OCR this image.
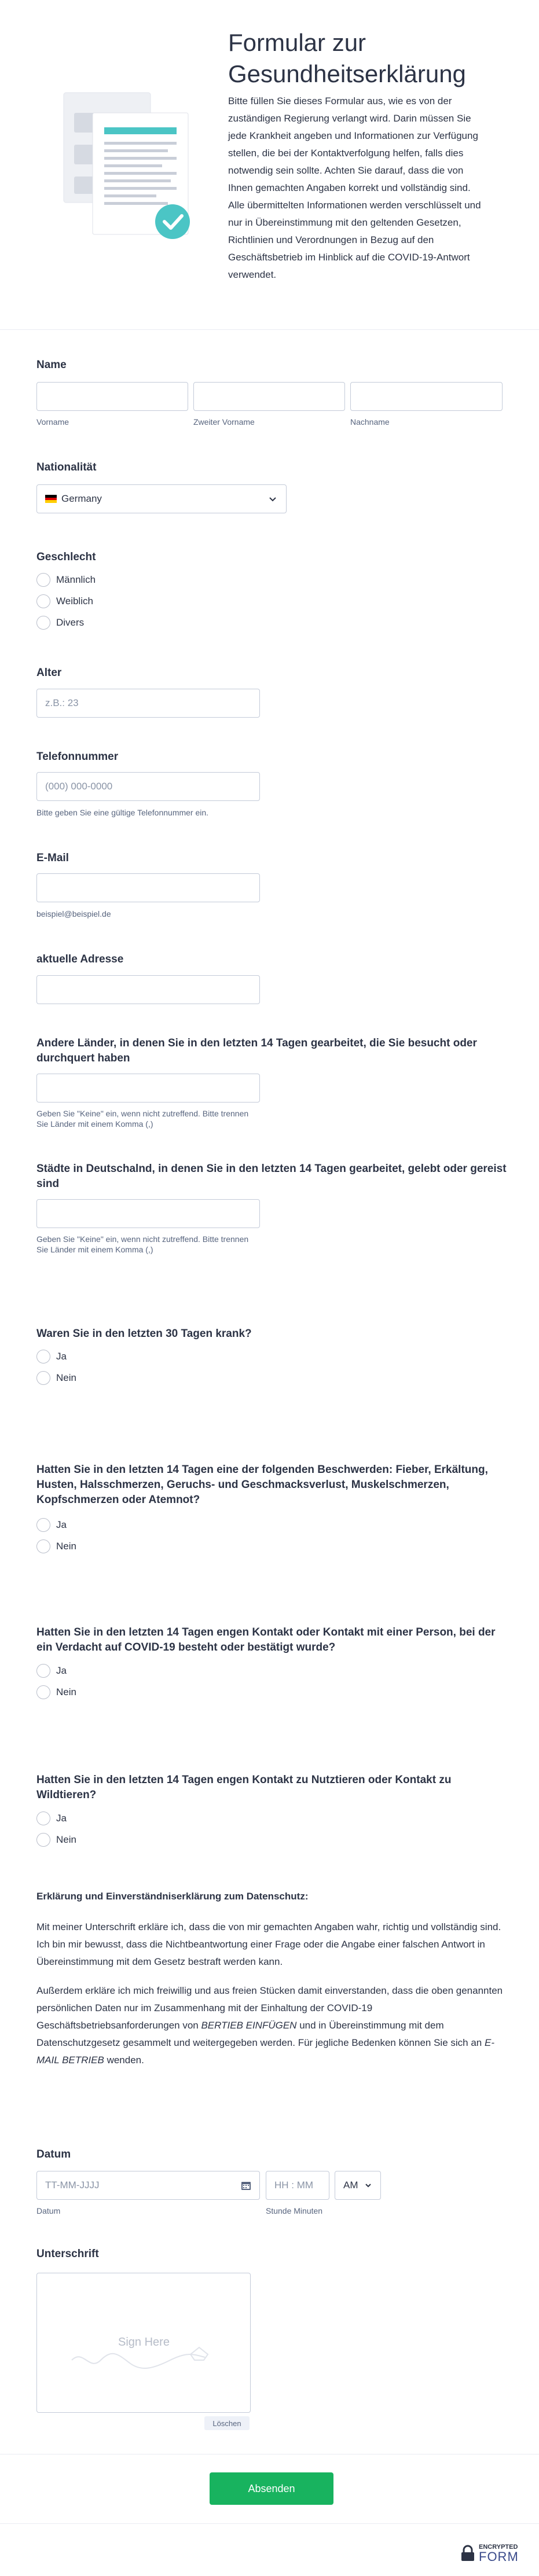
Formular zur Gesundheitserklärung
Bitte füllen Sie dieses Formular aus, wie es von der zuständigen Regierung verlangt wird. Darin müssen Sie jede Krankheit angeben und Informationen zur Verfügung stellen, die bei der Kontaktverfolgung helfen, falls dies notwendig sein sollte. Achten Sie darauf, dass die von Ihnen gemachten Angaben korrekt und vollständig sind. Alle übermittelten Informationen werden verschlüsselt und nur in Übereinstimmung mit den geltenden Gesetzen, Richtlinien und Verordnungen in Bezug auf den Geschäftsbetrieb im Hinblick auf die COVID-19-Antwort verwendet.
Name
Vorname	Zweiter Vorname	Nachname
Nationalität
Germany
Geschlecht
Männlich
Weiblich
Divers
Alter
z.B.: 23
Telefonnummer
(000) 000-0000
Bitte geben Sie eine gültige Telefonnummer ein.
E-Mail
beispiel@beispiel.de
aktuelle Adresse
Andere Länder, in denen Sie in den letzten 14 Tagen gearbeitet, die Sie besucht oder durchquert haben
Geben Sie "Keine" ein, wenn nicht zutreffend. Bitte trennen Sie Länder mit einem Komma (,)
Städte in Deutschalnd, in denen Sie in den letzten 14 Tagen gearbeitet, gelebt oder gereist sind
Geben Sie "Keine" ein, wenn nicht zutreffend. Bitte trennen Sie Länder mit einem Komma (,)
Waren Sie in den letzten 30 Tagen krank?
Ja
Nein
Hatten Sie in den letzten 14 Tagen eine der folgenden Beschwerden: Fieber, Erkältung, Husten, Halsschmerzen, Geruchs- und Geschmacksverlust, Muskelschmerzen, Kopfschmerzen oder Atemnot?
Ja
Nein
Hatten Sie in den letzten 14 Tagen engen Kontakt oder Kontakt mit einer Person, bei der ein Verdacht auf COVID-19 besteht oder bestätigt wurde?
Ja
Nein
Hatten Sie in den letzten 14 Tagen engen Kontakt zu Nutztieren oder Kontakt zu Wildtieren?
Ja
Nein
Erklärung und Einverständniserklärung zum Datenschutz:

Mit meiner Unterschrift erkläre ich, dass die von mir gemachten Angaben wahr, richtig und vollständig sind. Ich bin mir bewusst, dass die Nichtbeantwortung einer Frage oder die Angabe einer falschen Antwort in Übereinstimmung mit dem Gesetz bestraft werden kann.

Außerdem erkläre ich mich freiwillig und aus freien Stücken damit einverstanden, dass die oben genannten persönlichen Daten nur im Zusammenhang mit der Einhaltung der COVID-19 Geschäftsbetriebsanforderungen von BERTIEB EINFÜGEN und in Übereinstimmung mit dem Datenschutzgesetz gesammelt und weitergegeben werden. Für jegliche Bedenken können Sie sich an E-MAIL BETRIEB wenden.

Datum
TT-MM-JJJJ	HH : MM	AM
Datum	Stunde Minuten
Unterschrift
Sign Here
Löschen
Absenden
ENCRYPTED
FORM
